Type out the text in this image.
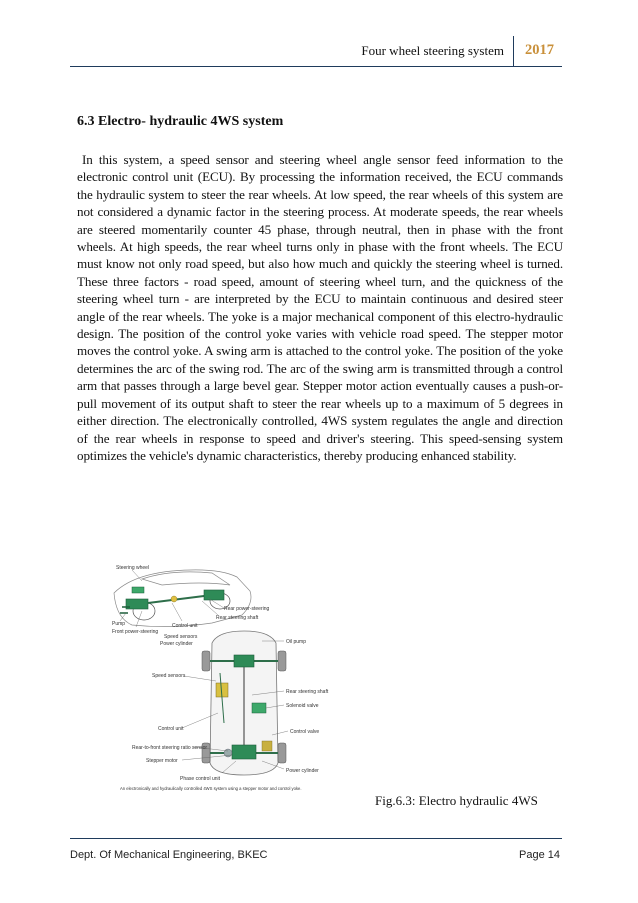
Four wheel steering system 2017
6.3 Electro- hydraulic 4WS system

In this system, a speed sensor and steering wheel angle sensor feed information to the electronic control unit (ECU). By processing the information received, the ECU commands the hydraulic system to steer the rear wheels. At low speed, the rear wheels of this system are not considered a dynamic factor in the steering process. At moderate speeds, the rear wheels are steered momentarily counter 45 phase, through neutral, then in phase with the front wheels. At high speeds, the rear wheel turns only in phase with the front wheels. The ECU must know not only road speed, but also how much and quickly the steering wheel is turned. These three factors - road speed, amount of steering wheel turn, and the quickness of the steering wheel turn - are interpreted by the ECU to maintain continuous and desired steer angle of the rear wheels. The yoke is a major mechanical component of this electro-hydraulic design. The position of the control yoke varies with vehicle road speed. The stepper motor moves the control yoke. A swing arm is attached to the control yoke. The position of the yoke determines the arc of the swing rod. The arc of the swing arm is transmitted through a control arm that passes through a large bevel gear. Stepper motor action eventually causes a push-or-pull movement of its output shaft to steer the rear wheels up to a maximum of 5 degrees in either direction. The electronically controlled, 4WS system regulates the angle and direction of the rear wheels in response to speed and driver's steering. This speed-sensing system optimizes the vehicle's dynamic characteristics, thereby producing enhanced stability.

Steering wheel
Rear power-steering
Rear steering shaft
Control unit
Pump
Front power-steering
Speed sensors
Power cylinder	Oil pump
Speed sensors
Rear steering shaft
Solenoid valve
Control unit	Control valve
Rear-to-front steering ratio sensor
Stepper motor
Power cylinder
Phase control unit
An electronically and hydraulically controlled 4WS system using a stepper motor and control yoke.
Fig.6.3: Electro hydraulic 4WS
Dept. Of Mechanical Engineering, BKEC	Page 14
